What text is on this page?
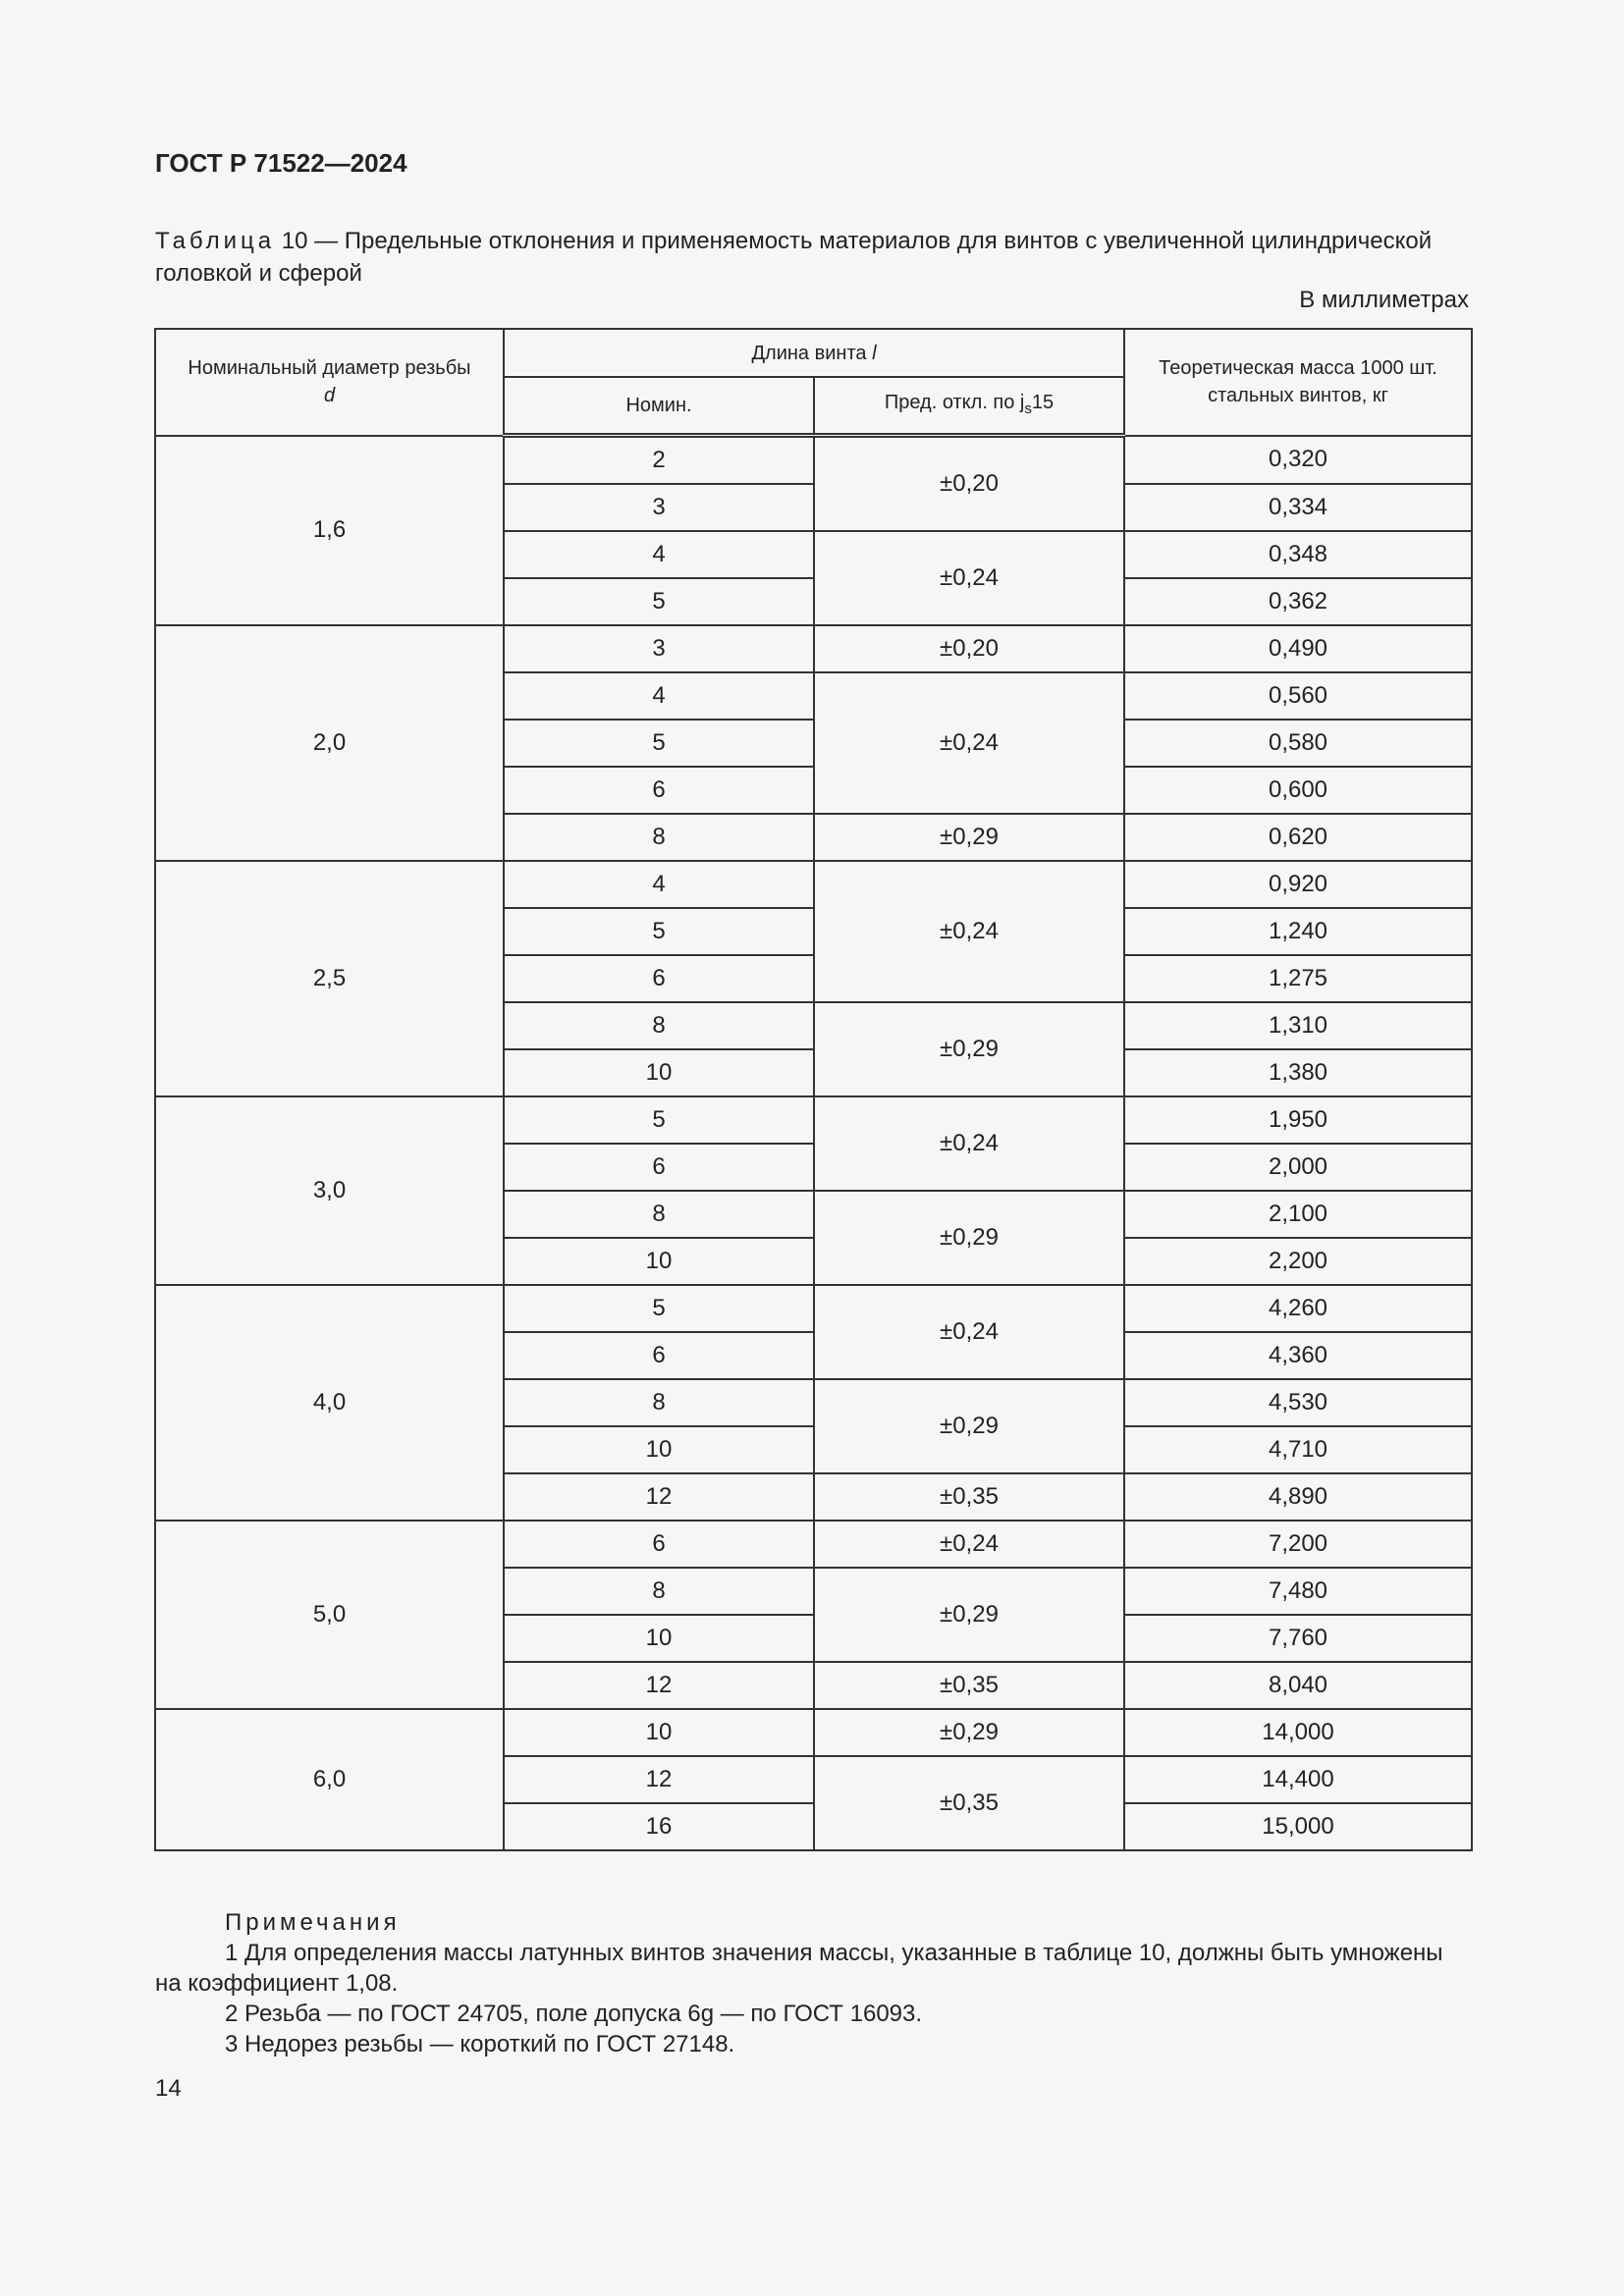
ГОСТ Р 71522—2024
Таблица 10 — Предельные отклонения и применяемость материалов для винтов с увеличенной цилиндрической головкой и сферой
В миллиметрах
Номинальный диаметр резьбы
d	Длина винта l		Теоретическая масса 1000 шт. стальных винтов, кг

	Номин.	Пред. откл. по $j_s15$	
1,6	2	±0,20	0,320
	3		0,334
	4	±0,24	0,348
	5		0,362
2,0	3	±0,20	0,490
	4	±0,24	0,560
	5		0,580
	6		0,600
	8	±0,29	0,620
2,5	4	±0,24	0,920
	5		1,240
	6		1,275
	8	±0,29	1,310
	10		1,380
3,0	5	±0,24	1,950
	6		2,000
	8	±0,29	2,100
	10		2,200
4,0	5	±0,24	4,260
	6		4,360
	8	±0,29	4,530
	10		4,710
	12	±0,35	4,890
5,0	6	±0,24	7,200
	8	±0,29	7,480
	10		7,760
	12	±0,35	8,040
6,0	10	±0,29	14,000
	12	±0,35	14,400
	16		15,000
Примечания
1 Для определения массы латунных винтов значения массы, указанные в таблице 10, должны быть умножены на коэффициент 1,08.
2 Резьба — по ГОСТ 24705, поле допуска 6g — по ГОСТ 16093.
3 Недорез резьбы — короткий по ГОСТ 27148.
14
